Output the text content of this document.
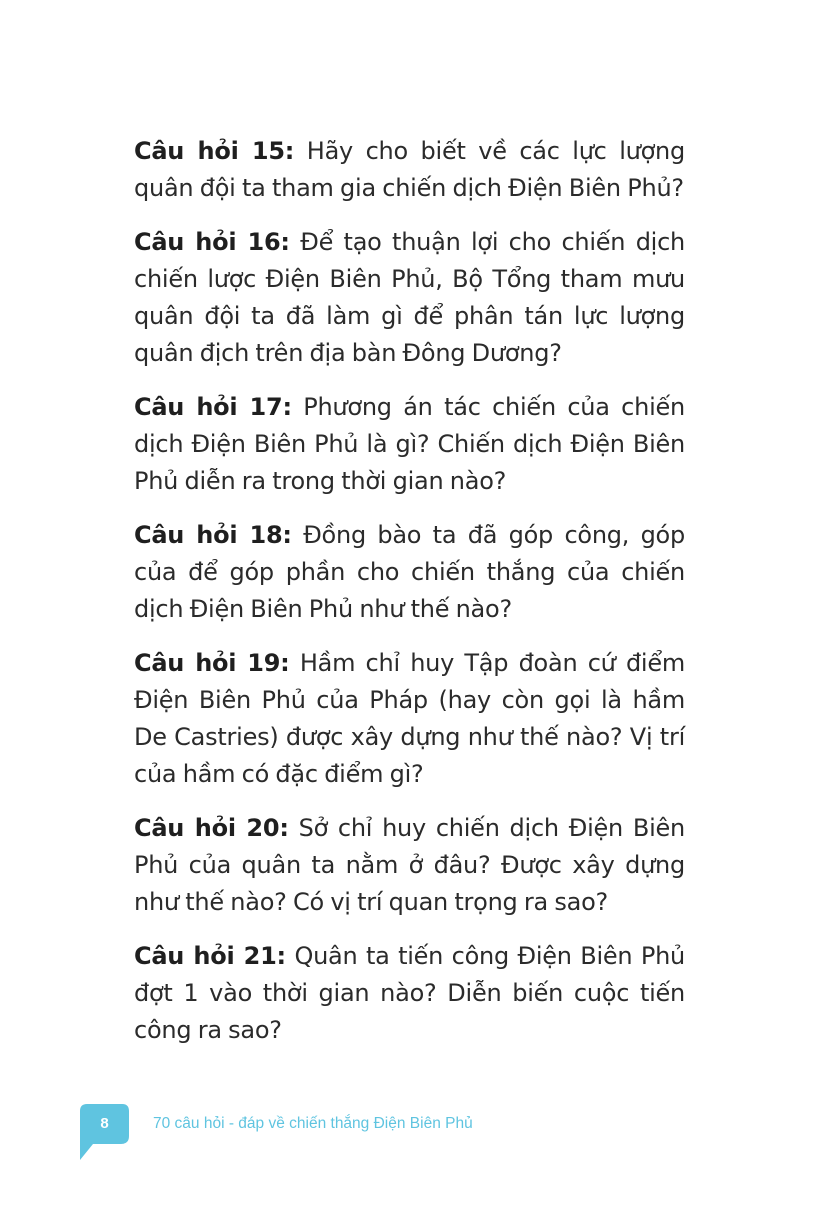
Câu hỏi 15: Hãy cho biết về các lực lượng quân đội ta tham gia chiến dịch Điện Biên Phủ?

Câu hỏi 16: Để tạo thuận lợi cho chiến dịch chiến lược Điện Biên Phủ, Bộ Tổng tham mưu quân đội ta đã làm gì để phân tán lực lượng quân địch trên địa bàn Đông Dương?

Câu hỏi 17: Phương án tác chiến của chiến dịch Điện Biên Phủ là gì? Chiến dịch Điện Biên Phủ diễn ra trong thời gian nào?

Câu hỏi 18: Đồng bào ta đã góp công, góp của để góp phần cho chiến thắng của chiến dịch Điện Biên Phủ như thế nào?

Câu hỏi 19: Hầm chỉ huy Tập đoàn cứ điểm Điện Biên Phủ của Pháp (hay còn gọi là hầm De Castries) được xây dựng như thế nào? Vị trí của hầm có đặc điểm gì?

Câu hỏi 20: Sở chỉ huy chiến dịch Điện Biên Phủ của quân ta nằm ở đâu? Được xây dựng như thế nào? Có vị trí quan trọng ra sao?

Câu hỏi 21: Quân ta tiến công Điện Biên Phủ đợt 1 vào thời gian nào? Diễn biến cuộc tiến công ra sao?

8	70 câu hỏi - đáp về chiến thắng Điện Biên Phủ
